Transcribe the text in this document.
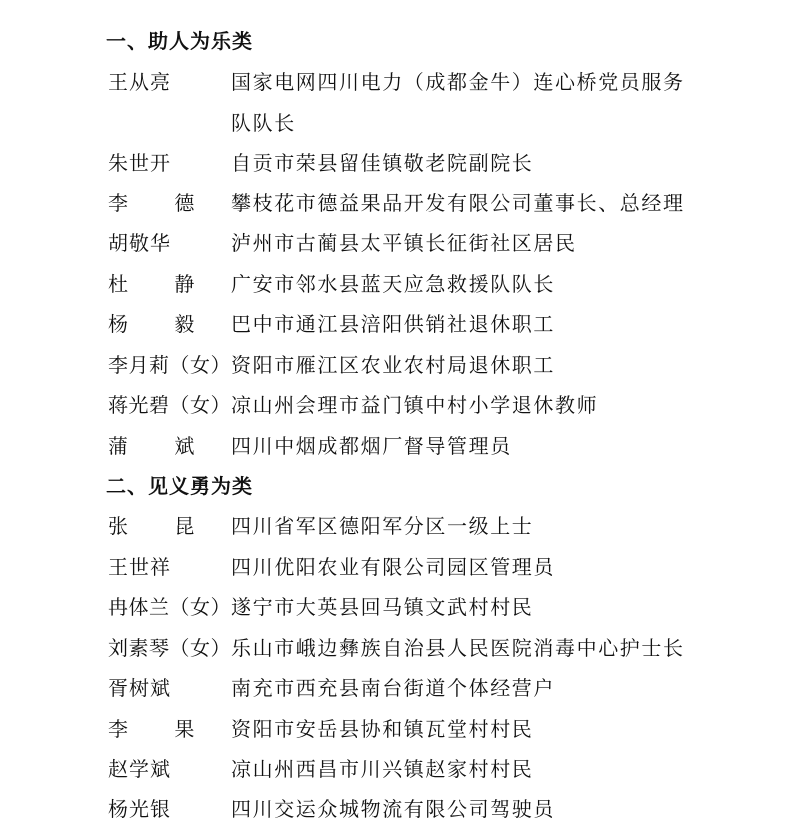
一、助人为乐类
王从亮	国家电网四川电力（成都金牛）连心桥党员服务
队队长
朱世开	自贡市荣县留佳镇敬老院副院长
李 德 攀枝花市德益果品开发有限公司董事长、总经理
胡敬华	泸州市古蔺县太平镇长征街社区居民
杜 静 广安市邻水县蓝天应急救援队队长
杨 毅 巴中市通江县涪阳供销社退休职工
李月莉（女） 资阳市雁江区农业农村局退休职工
蒋光碧（女） 凉山州会理市益门镇中村小学退休教师
蒲 斌 四川中烟成都烟厂督导管理员
二、见义勇为类
张 昆 四川省军区德阳军分区一级上士
王世祥	四川优阳农业有限公司园区管理员
冉体兰（女） 遂宁市大英县回马镇文武村村民
刘素琴（女） 乐山市峨边彝族自治县人民医院消毒中心护士长
胥树斌	南充市西充县南台街道个体经营户
李 果 资阳市安岳县协和镇瓦堂村村民
赵学斌	凉山州西昌市川兴镇赵家村村民
杨光银	四川交运众城物流有限公司驾驶员
